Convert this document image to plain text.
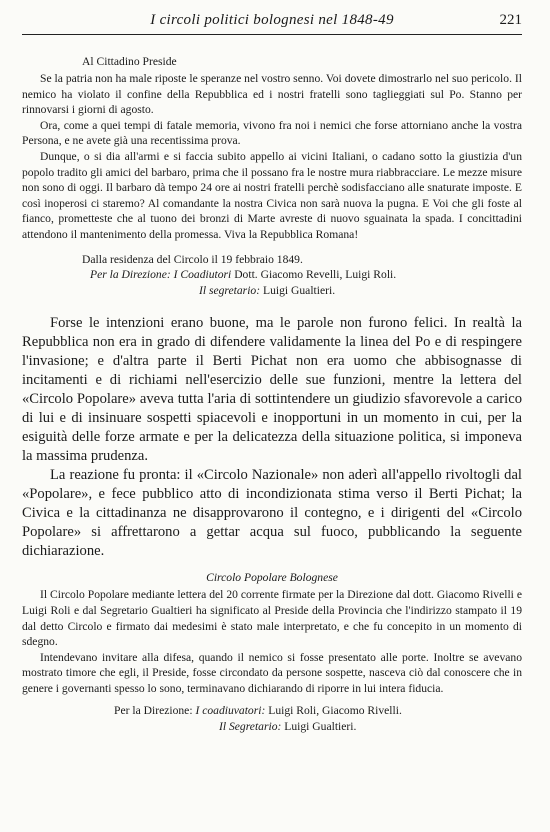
I circoli politici bolognesi nel 1848-49	221
Al Cittadino Preside

Se la patria non ha male riposte le speranze nel vostro senno. Voi dovete dimostrarlo nel suo pericolo. Il nemico ha violato il confine della Repubblica ed i nostri fratelli sono taglieggiati sul Po. Stanno per rinnovarsi i giorni di agosto.

Ora, come a quei tempi di fatale memoria, vivono fra noi i nemici che forse attorniano anche la vostra Persona, e ne avete già una recentissima prova.

Dunque, o si dia all'armi e si faccia subito appello ai vicini Italiani, o cadano sotto la giustizia d'un popolo tradito gli amici del barbaro, prima che il possano fra le nostre mura riabbracciare. Le mezze misure non sono di oggi. Il barbaro dà tempo 24 ore ai nostri fratelli perchè sodisfacciano alle snaturate imposte. E così inoperosi ci staremo? Al comandante la nostra Civica non sarà nuova la pugna. E Voi che gli foste al fianco, prometteste che al tuono dei bronzi di Marte avreste di nuovo sguainata la spada. I concittadini attendono il mantenimento della promessa. Viva la Repubblica Romana!

Dalla residenza del Circolo il 19 febbraio 1849.
Per la Direzione: I Coadiutori Dott. Giacomo Revelli, Luigi Roli.
Il segretario: Luigi Gualtieri.

Forse le intenzioni erano buone, ma le parole non furono felici. In realtà la Repubblica non era in grado di difendere validamente la linea del Po e di respingere l'invasione; e d'altra parte il Berti Pichat non era uomo che abbisognasse di incitamenti e di richiami nell'esercizio delle sue funzioni, mentre la lettera del «Circolo Popolare» aveva tutta l'aria di sottintendere un giudizio sfavorevole a carico di lui e di insinuare sospetti spiacevoli e inopportuni in un momento in cui, per la esiguità delle forze armate e per la delicatezza della situazione politica, si imponeva la massima prudenza.

La reazione fu pronta: il «Circolo Nazionale» non aderì all'appello rivoltogli dal «Popolare», e fece pubblico atto di incondizionata stima verso il Berti Pichat; la Civica e la cittadinanza ne disapprovarono il contegno, e i dirigenti del «Circolo Popolare» si affrettarono a gettar acqua sul fuoco, pubblicando la seguente dichiarazione.

Circolo Popolare Bolognese

Il Circolo Popolare mediante lettera del 20 corrente firmate per la Direzione dal dott. Giacomo Rivelli e Luigi Roli e dal Segretario Gualtieri ha significato al Preside della Provincia che l'indirizzo stampato il 19 dal detto Circolo e firmato dai medesimi è stato male interpretato, e che fu concepito in un momento di sdegno.

Intendevano invitare alla difesa, quando il nemico si fosse presentato alle porte. Inoltre se avevano mostrato timore che egli, il Preside, fosse circondato da persone sospette, nasceva ciò dal conoscere che in genere i governanti spesso lo sono, terminavano dichiarando di riporre in lui intera fiducia.

Per la Direzione: I coadiuvatori: Luigi Roli, Giacomo Rivelli.
Il Segretario: Luigi Gualtieri.
